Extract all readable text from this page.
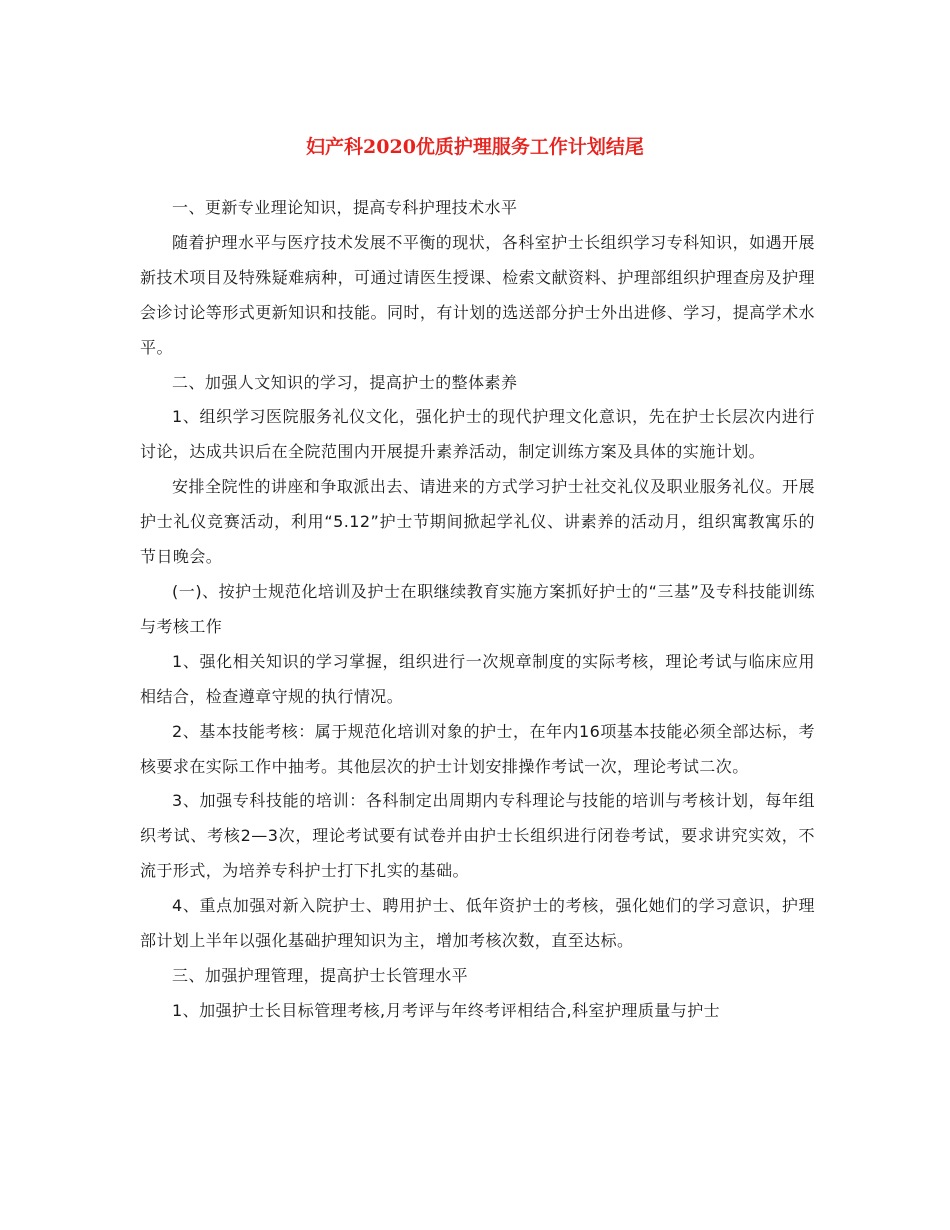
妇产科2020优质护理服务工作计划结尾

一、更新专业理论知识，提高专科护理技术水平

随着护理水平与医疗技术发展不平衡的现状，各科室护士长组织学习专科知识，如遇开展新技术项目及特殊疑难病种，可通过请医生授课、检索文献资料、护理部组织护理查房及护理会诊讨论等形式更新知识和技能。同时，有计划的选送部分护士外出进修、学习，提高学术水平。

二、加强人文知识的学习，提高护士的整体素养

1、组织学习医院服务礼仪文化，强化护士的现代护理文化意识，先在护士长层次内进行讨论，达成共识后在全院范围内开展提升素养活动，制定训练方案及具体的实施计划。

安排全院性的讲座和争取派出去、请进来的方式学习护士社交礼仪及职业服务礼仪。开展护士礼仪竞赛活动，利用“5.12”护士节期间掀起学礼仪、讲素养的活动月，组织寓教寓乐的节日晚会。

(一)、按护士规范化培训及护士在职继续教育实施方案抓好护士的“三基”及专科技能训练与考核工作

1、强化相关知识的学习掌握，组织进行一次规章制度的实际考核，理论考试与临床应用相结合，检查遵章守规的执行情况。

2、基本技能考核：属于规范化培训对象的护士，在年内16项基本技能必须全部达标，考核要求在实际工作中抽考。其他层次的护士计划安排操作考试一次，理论考试二次。

3、加强专科技能的培训：各科制定出周期内专科理论与技能的培训与考核计划，每年组织考试、考核2—3次，理论考试要有试卷并由护士长组织进行闭卷考试，要求讲究实效，不流于形式，为培养专科护士打下扎实的基础。

4、重点加强对新入院护士、聘用护士、低年资护士的考核，强化她们的学习意识，护理部计划上半年以强化基础护理知识为主，增加考核次数，直至达标。

三、加强护理管理，提高护士长管理水平

1、加强护士长目标管理考核,月考评与年终考评相结合,科室护理质量与护士
